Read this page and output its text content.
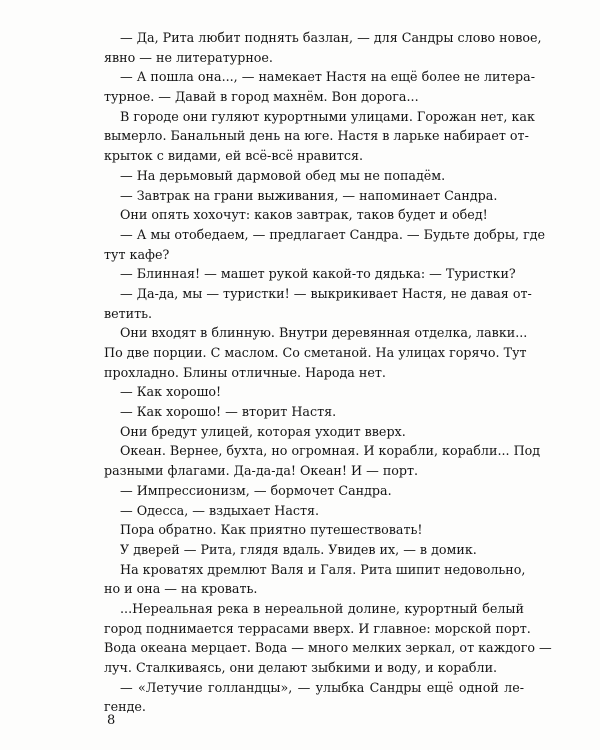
— Да, Рита любит поднять базлан, — для Сандры слово новое,
явно — не литературное.
— А пошла она..., — намекает Настя на ещё более не литера-
турное. — Давай в город махнём. Вон дорога...
В городе они гуляют курортными улицами. Горожан нет, как
вымерло. Банальный день на юге. Настя в ларьке набирает от-
крыток с видами, ей всё-всё нравится.
— На дерьмовый дармовой обед мы не попадём.
— Завтрак на грани выживания, — напоминает Сандра.
Они опять хохочут: каков завтрак, таков будет и обед!
— А мы отобедаем, — предлагает Сандра. — Будьте добры, где
тут кафе?
— Блинная! — машет рукой какой-то дядька: — Туристки?
— Да-да, мы — туристки! — выкрикивает Настя, не давая от-
ветить.
Они входят в блинную. Внутри деревянная отделка, лавки...
По две порции. С маслом. Со сметаной. На улицах горячо. Тут
прохладно. Блины отличные. Народа нет.
— Как хорошо!
— Как хорошо! — вторит Настя.
Они бредут улицей, которая уходит вверх.
Океан. Вернее, бухта, но огромная. И корабли, корабли... Под
разными флагами. Да-да-да! Океан! И — порт.
— Импрессионизм, — бормочет Сандра.
— Одесса, — вздыхает Настя.
Пора обратно. Как приятно путешествовать!
У дверей — Рита, глядя вдаль. Увидев их, — в домик.
На кроватях дремлют Валя и Галя. Рита шипит недовольно,
но и она — на кровать.
...Нереальная река в нереальной долине, курортный белый
город поднимается террасами вверх. И главное: морской порт.
Вода океана мерцает. Вода — много мелких зеркал, от каждого —
луч. Сталкиваясь, они делают зыбкими и воду, и корабли.
— «Летучие голландцы», — улыбка Сандры ещё одной ле-
генде.
8
